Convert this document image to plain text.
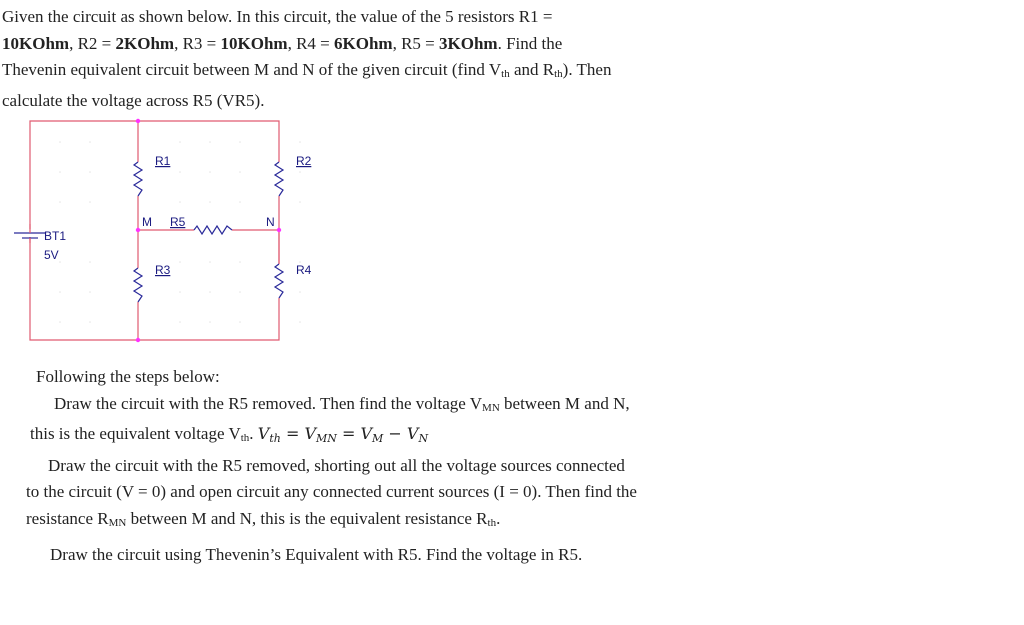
Given the circuit as shown below. In this circuit, the value of the 5 resistors R1 =
10KOhm, R2 = 2KOhm, R3 = 10KOhm, R4 = 6KOhm, R5 = 3KOhm. Find the
Thevenin equivalent circuit between M and N of the given circuit (find Vth and Rth). Then
calculate the voltage across R5 (VR5).
BT1
5V
R1	R2
R3	R4
R5
M	N
Following the steps below:
Draw the circuit with the R5 removed. Then find the voltage VMN between M and N,
this is the equivalent voltage Vth. Vth = VMN = VM − VN
Draw the circuit with the R5 removed, shorting out all the voltage sources connected
to the circuit (V = 0) and open circuit any connected current sources (I = 0). Then find the
resistance RMN between M and N, this is the equivalent resistance Rth.
Draw the circuit using Thevenin’s Equivalent with R5. Find the voltage in R5.
